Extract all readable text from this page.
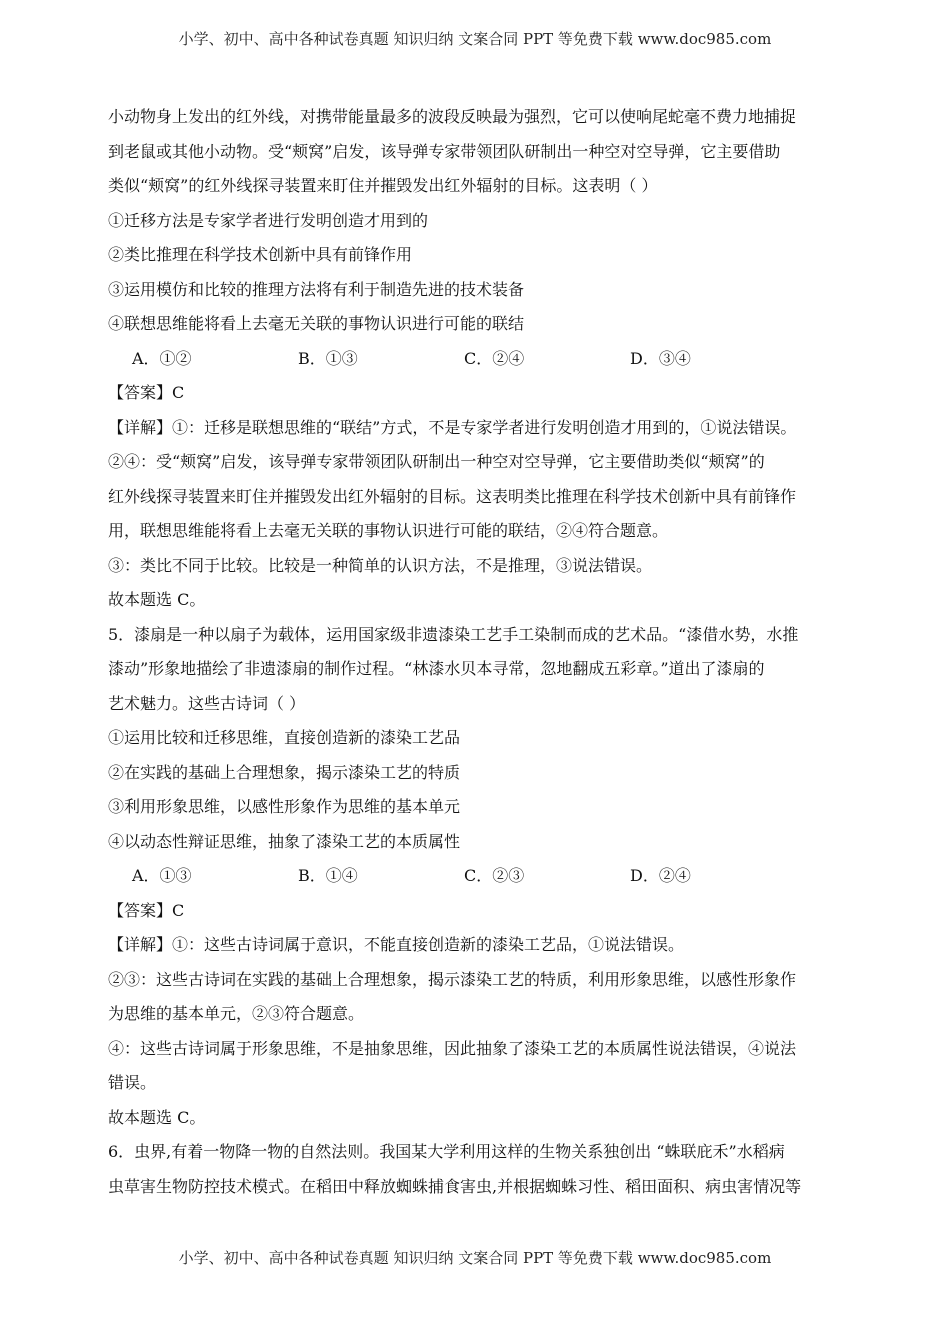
小学、初中、高中各种试卷真题 知识归纳 文案合同 PPT 等免费下载 www.doc985.com
小动物身上发出的红外线，对携带能量最多的波段反映最为强烈，它可以使响尾蛇毫不费力地捕捉
到老鼠或其他小动物。受“颊窝”启发，该导弹专家带领团队研制出一种空对空导弹，它主要借助
类似“颊窝”的红外线探寻装置来盯住并摧毁发出红外辐射的目标。这表明（ ）
①迁移方法是专家学者进行发明创造才用到的
②类比推理在科学技术创新中具有前锋作用
③运用模仿和比较的推理方法将有利于制造先进的技术装备
④联想思维能将看上去毫无关联的事物认识进行可能的联结
A．①②	B．①③	C．②④	D．③④
【答案】C
【详解】①：迁移是联想思维的“联结”方式，不是专家学者进行发明创造才用到的，①说法错误。
②④：受“颊窝”启发，该导弹专家带领团队研制出一种空对空导弹，它主要借助类似“颊窝”的
红外线探寻装置来盯住并摧毁发出红外辐射的目标。这表明类比推理在科学技术创新中具有前锋作
用，联想思维能将看上去毫无关联的事物认识进行可能的联结，②④符合题意。
③：类比不同于比较。比较是一种简单的认识方法，不是推理，③说法错误。
故本题选 C。
5．漆扇是一种以扇子为载体，运用国家级非遗漆染工艺手工染制而成的艺术品。“漆借水势，水推
漆动”形象地描绘了非遗漆扇的制作过程。“林漆水贝本寻常，忽地翻成五彩章。”道出了漆扇的
艺术魅力。这些古诗词（ ）
①运用比较和迁移思维，直接创造新的漆染工艺品
②在实践的基础上合理想象，揭示漆染工艺的特质
③利用形象思维，以感性形象作为思维的基本单元
④以动态性辩证思维，抽象了漆染工艺的本质属性
A．①③	B．①④	C．②③	D．②④
【答案】C
【详解】①：这些古诗词属于意识，不能直接创造新的漆染工艺品，①说法错误。
②③：这些古诗词在实践的基础上合理想象，揭示漆染工艺的特质，利用形象思维，以感性形象作
为思维的基本单元，②③符合题意。
④：这些古诗词属于形象思维，不是抽象思维，因此抽象了漆染工艺的本质属性说法错误，④说法
错误。
故本题选 C。
6．虫界,有着一物降一物的自然法则。我国某大学利用这样的生物关系独创出 “蛛联庇禾”水稻病
虫草害生物防控技术模式。在稻田中释放蜘蛛捕食害虫,并根据蜘蛛习性、稻田面积、病虫害情况等
小学、初中、高中各种试卷真题 知识归纳 文案合同 PPT 等免费下载 www.doc985.com
